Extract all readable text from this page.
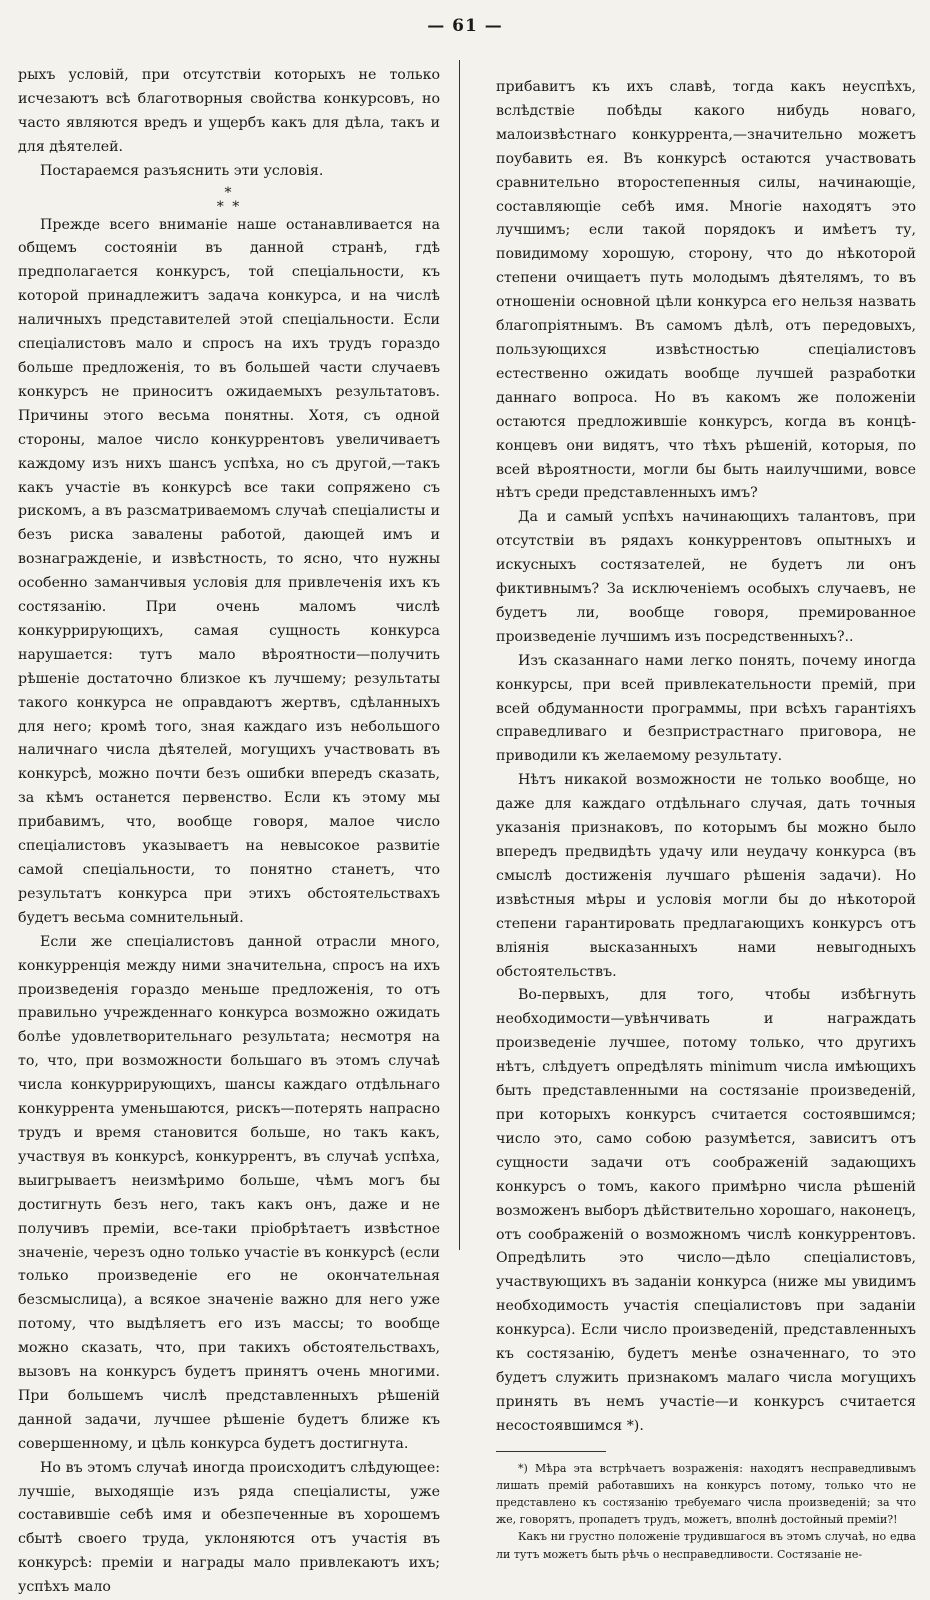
— 61 —

рыхъ условій, при отсутствіи которыхъ не только исчезаютъ всѣ благотворныя свойства конкурсовъ, но часто являются вредъ и ущербъ какъ для дѣла, такъ и для дѣятелей.

Постараемся разъяснить эти условія.

*
* *

Прежде всего вниманіе наше останавливается на общемъ состояніи въ данной странѣ, гдѣ предполагается конкурсъ, той спеціальности, къ которой принадлежитъ задача конкурса, и на числѣ наличныхъ представителей этой спеціальности. Если спеціалистовъ мало и спросъ на ихъ трудъ гораздо больше предложенія, то въ большей части случаевъ конкурсъ не приноситъ ожидаемыхъ результатовъ. Причины этого весьма понятны. Хотя, съ одной стороны, малое число конкуррентовъ увеличиваетъ каждому изъ нихъ шансъ успѣха, но съ другой,—такъ какъ участіе въ конкурсѣ все таки сопряжено съ рискомъ, а въ разсматриваемомъ случаѣ спеціалисты и безъ риска завалены работой, дающей имъ и вознагражденіе, и извѣстность, то ясно, что нужны особенно заманчивыя условія для привлеченія ихъ къ состязанію. При очень маломъ числѣ конкуррирующихъ, самая сущность конкурса нарушается: тутъ мало вѣроятности—получить рѣшеніе достаточно близкое къ лучшему; результаты такого конкурса не оправдаютъ жертвъ, сдѣланныхъ для него; кромѣ того, зная каждаго изъ небольшого наличнаго числа дѣятелей, могущихъ участвовать въ конкурсѣ, можно почти безъ ошибки впередъ сказать, за кѣмъ останется первенство. Если къ этому мы прибавимъ, что, вообще говоря, малое число спеціалистовъ указываетъ на невысокое развитіе самой спеціальности, то понятно станетъ, что результатъ конкурса при этихъ обстоятельствахъ будетъ весьма сомнительный.

Если же спеціалистовъ данной отрасли много, конкурренція между ними значительна, спросъ на ихъ произведенія гораздо меньше предложенія, то отъ правильно учрежденнаго конкурса возможно ожидать болѣе удовлетворительнаго результата; несмотря на то, что, при возможности большаго въ этомъ случаѣ числа конкуррирующихъ, шансы каждаго отдѣльнаго конкуррента уменьшаются, рискъ—потерять напрасно трудъ и время становится больше, но такъ какъ, участвуя въ конкурсѣ, конкуррентъ, въ случаѣ успѣха, выигрываетъ неизмѣримо больше, чѣмъ могъ бы достигнуть безъ него, такъ какъ онъ, даже и не получивъ преміи, все-таки пріобрѣтаетъ извѣстное значеніе, черезъ одно только участіе въ конкурсѣ (если только произведеніе его не окончательная безсмыслица), а всякое значеніе важно для него уже потому, что выдѣляетъ его изъ массы; то вообще можно сказать, что, при такихъ обстоятельствахъ, вызовъ на конкурсъ будетъ принятъ очень многими. При большемъ числѣ представленныхъ рѣшеній данной задачи, лучшее рѣшеніе будетъ ближе къ совершенному, и цѣль конкурса будетъ достигнута.

Но въ этомъ случаѣ иногда происходитъ слѣдующее: лучшіе, выходящіе изъ ряда спеціалисты, уже составившіе себѣ имя и обезпеченные въ хорошемъ сбытѣ своего труда, уклоняются отъ участія въ конкурсѣ: преміи и награды мало привлекаютъ ихъ; успѣхъ мало

прибавитъ къ ихъ славѣ, тогда какъ неуспѣхъ, вслѣдствіе побѣды какого нибудь новаго, малоизвѣстнаго конкуррента,—значительно можетъ поубавить ея. Въ конкурсѣ остаются участвовать сравнительно второстепенныя силы, начинающіе, составляющіе себѣ имя. Многіе находятъ это лучшимъ; если такой порядокъ и имѣетъ ту, повидимому хорошую, сторону, что до нѣкоторой степени очищаетъ путь молодымъ дѣятелямъ, то въ отношеніи основной цѣли конкурса его нельзя назвать благопріятнымъ. Въ самомъ дѣлѣ, отъ передовыхъ, пользующихся извѣстностью спеціалистовъ естественно ожидать вообще лучшей разработки даннаго вопроса. Но въ какомъ же положеніи остаются предложившіе конкурсъ, когда въ концѣ-концевъ они видятъ, что тѣхъ рѣшеній, которыя, по всей вѣроятности, могли бы быть наилучшими, вовсе нѣтъ среди представленныхъ имъ?

Да и самый успѣхъ начинающихъ талантовъ, при отсутствіи въ рядахъ конкуррентовъ опытныхъ и искусныхъ состязателей, не будетъ ли онъ фиктивнымъ? За исключеніемъ особыхъ случаевъ, не будетъ ли, вообще говоря, премированное произведеніе лучшимъ изъ посредственныхъ?..

Изъ сказаннаго нами легко понять, почему иногда конкурсы, при всей привлекательности премій, при всей обдуманности программы, при всѣхъ гарантіяхъ справедливаго и безпристрастнаго приговора, не приводили къ желаемому результату.

Нѣтъ никакой возможности не только вообще, но даже для каждаго отдѣльнаго случая, дать точныя указанія признаковъ, по которымъ бы можно было впередъ предвидѣть удачу или неудачу конкурса (въ смыслѣ достиженія лучшаго рѣшенія задачи). Но извѣстныя мѣры и условія могли бы до нѣкоторой степени гарантировать предлагающихъ конкурсъ отъ вліянія высказанныхъ нами невыгодныхъ обстоятельствъ.

Во-первыхъ, для того, чтобы избѣгнуть необходимости—увѣнчивать и награждать произведеніе лучшее, потому только, что другихъ нѣтъ, слѣдуетъ опредѣлять minimum числа имѣющихъ быть представленными на состязаніе произведеній, при которыхъ конкурсъ считается состоявшимся; число это, само собою разумѣется, зависитъ отъ сущности задачи отъ соображеній задающихъ конкурсъ о томъ, какого примѣрно числа рѣшеній возможенъ выборъ дѣйствительно хорошаго, наконецъ, отъ соображеній о возможномъ числѣ конкуррентовъ. Опредѣлить это число—дѣло спеціалистовъ, участвующихъ въ заданіи конкурса (ниже мы увидимъ необходимость участія спеціалистовъ при заданіи конкурса). Если число произведеній, представленныхъ къ состязанію, будетъ менѣе означеннаго, то это будетъ служить признакомъ малаго числа могущихъ принять въ немъ участіе—и конкурсъ считается несостоявшимся *).

*) Мѣра эта встрѣчаетъ возраженія: находятъ несправедливымъ лишать премій работавшихъ на конкурсъ потому, только что не представлено къ состязанію требуемаго числа произведеній; за что же, говорятъ, пропадетъ трудъ, можетъ, вполнѣ достойный преміи?!

Какъ ни грустно положеніе трудившагося въ этомъ случаѣ, но едва ли тутъ можетъ быть рѣчь о несправедливости. Состязаніе не-
